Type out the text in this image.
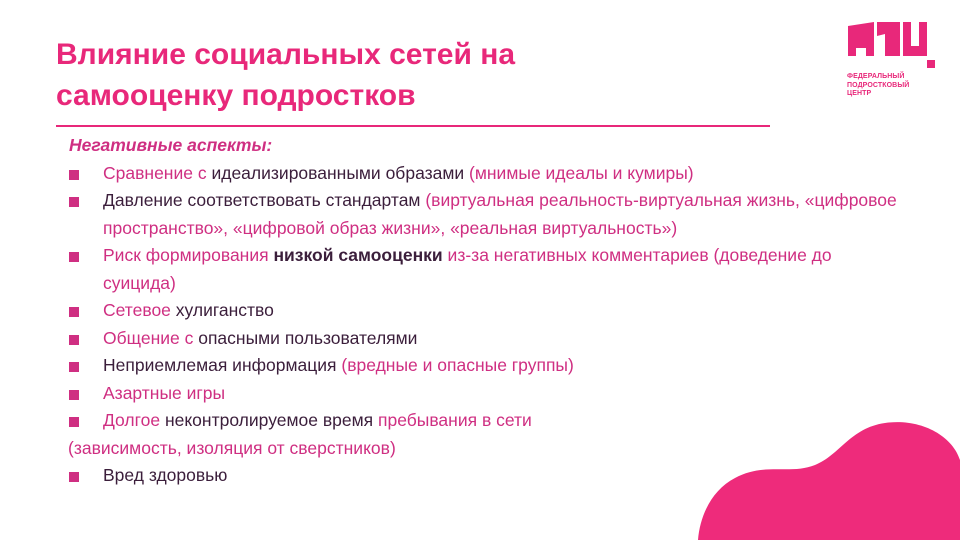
Влияние социальных сетей на
самооценку подростков
ФЕДЕРАЛЬНЫЙ
ПОДРОСТКОВЫЙ
ЦЕНТР

Негативные аспекты:

Сравнение с идеализированными образами (мнимые идеалы и кумиры)
Давление соответствовать стандартам (виртуальная реальность-виртуальная жизнь, «цифровое пространство», «цифровой образ жизни», «реальная виртуальность»)
Риск формирования низкой самооценки из-за негативных комментариев (доведение до суицида)
Сетевое хулиганство
Общение с опасными пользователями
Неприемлемая информация (вредные и опасные группы)
Азартные игры
Долгое неконтролируемое время пребывания в сети
(зависимость, изоляция от сверстников)
Вред здоровью
